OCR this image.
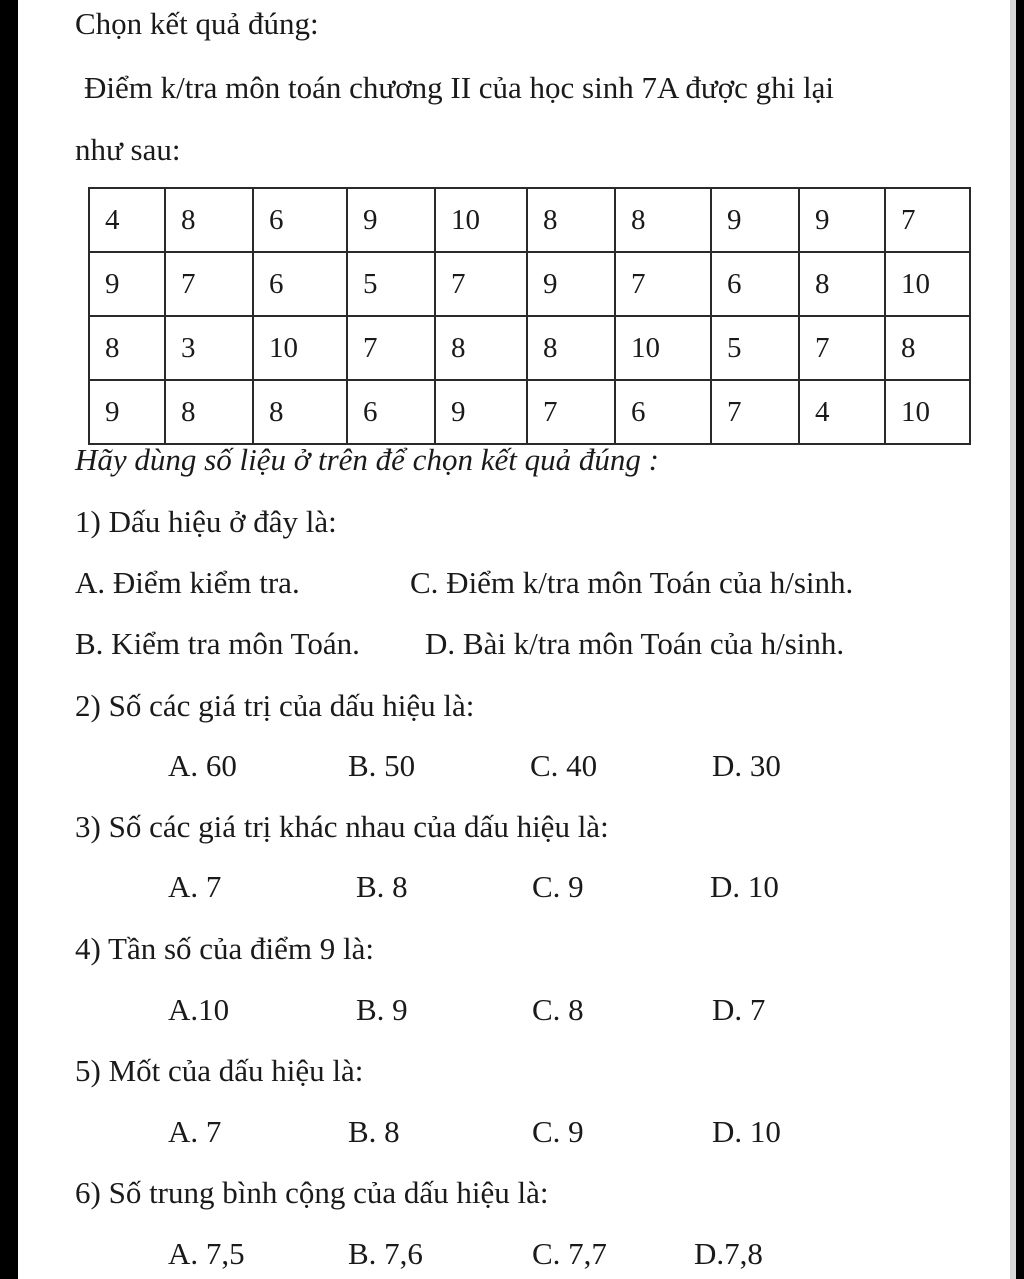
Chọn kết quả đúng:
Điểm k/tra môn toán chương II của học sinh 7A được ghi lại
như sau:
4	8	6	9	10	8	8	9	9	7
9	7	6	5	7	9	7	6	8	10
8	3	10	7	8	8	10	5	7	8
9	8	8	6	9	7	6	7	4	10
Hãy dùng số liệu ở trên để chọn kết quả đúng :
1) Dấu hiệu ở đây là:
A. Điểm kiểm tra.	C. Điểm k/tra môn Toán của h/sinh.
B. Kiểm tra môn Toán. D. Bài k/tra môn Toán của h/sinh.
2) Số các giá trị của dấu hiệu là:
A. 60	B. 50	C. 40	D. 30
3) Số các giá trị khác nhau của dấu hiệu là:
A. 7	B. 8	C. 9	D. 10
4) Tần số của điểm 9 là:
A.10	B. 9	C. 8	D. 7
5) Mốt của dấu hiệu là:
A. 7	B. 8	C. 9	D. 10
6) Số trung bình cộng của dấu hiệu là:
A. 7,5	B. 7,6	C. 7,7	D.7,8
